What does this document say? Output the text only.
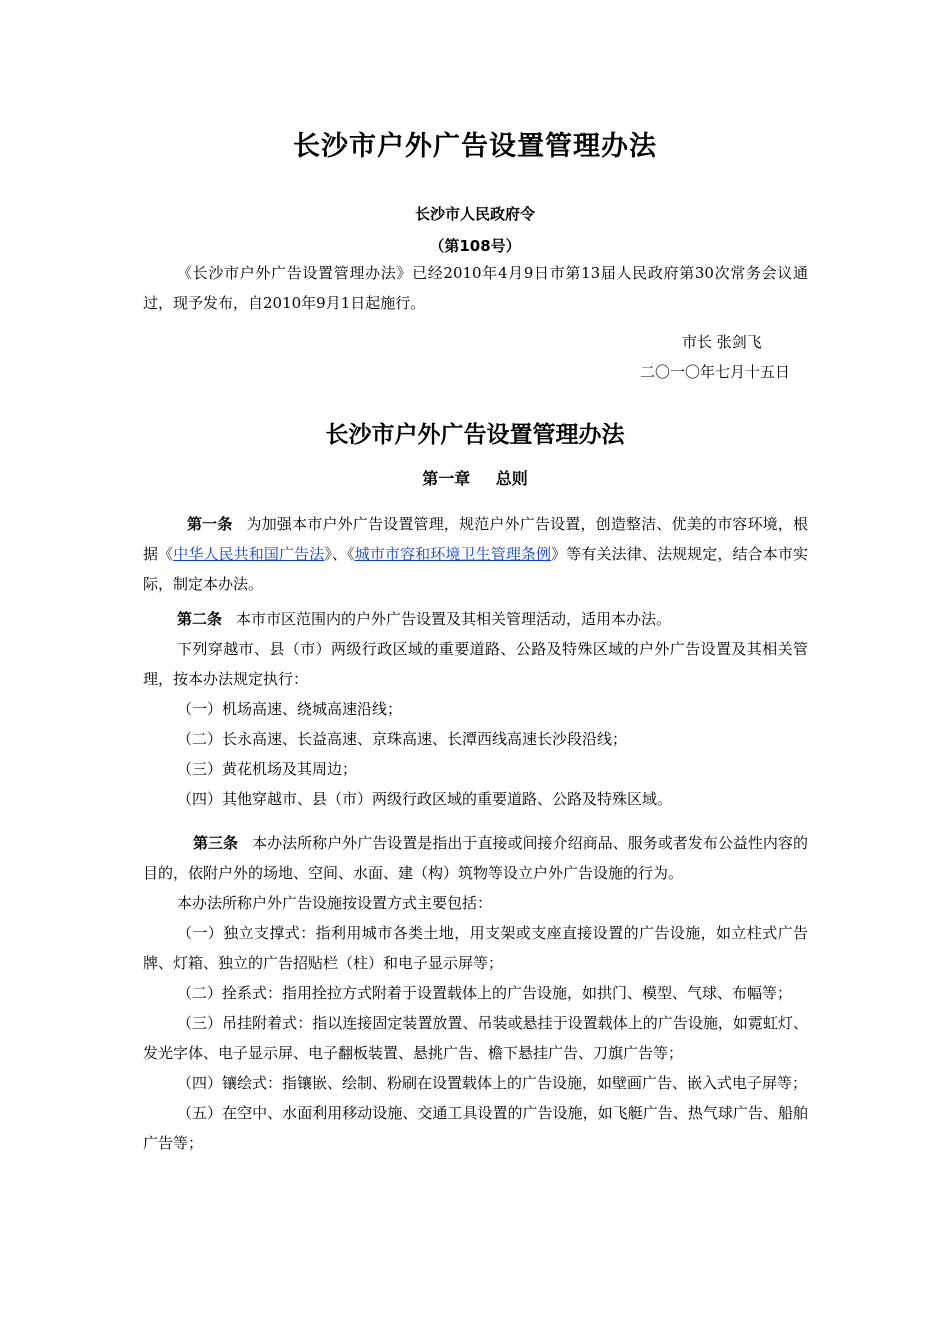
长沙市户外广告设置管理办法
长沙市人民政府令
（第108号）

《长沙市户外广告设置管理办法》已经2010年4月9日市第13届人民政府第30次常务会议通过，现予发布，自2010年9月1日起施行。

市长 张剑飞
二〇一〇年七月十五日
长沙市户外广告设置管理办法
第一章 总则

第一条 为加强本市户外广告设置管理，规范户外广告设置，创造整洁、优美的市容环境，根据《中华人民共和国广告法》、《城市市容和环境卫生管理条例》等有关法律、法规规定，结合本市实际，制定本办法。

第二条 本市市区范围内的户外广告设置及其相关管理活动，适用本办法。

下列穿越市、县（市）两级行政区域的重要道路、公路及特殊区域的户外广告设置及其相关管理，按本办法规定执行：

（一）机场高速、绕城高速沿线；

（二）长永高速、长益高速、京珠高速、长潭西线高速长沙段沿线；

（三）黄花机场及其周边；

（四）其他穿越市、县（市）两级行政区域的重要道路、公路及特殊区域。

第三条 本办法所称户外广告设置是指出于直接或间接介绍商品、服务或者发布公益性内容的目的，依附户外的场地、空间、水面、建（构）筑物等设立户外广告设施的行为。

本办法所称户外广告设施按设置方式主要包括：

（一）独立支撑式：指利用城市各类土地，用支架或支座直接设置的广告设施，如立柱式广告牌、灯箱、独立的广告招贴栏（柱）和电子显示屏等；

（二）拴系式：指用拴拉方式附着于设置载体上的广告设施，如拱门、模型、气球、布幅等；

（三）吊挂附着式：指以连接固定装置放置、吊装或悬挂于设置载体上的广告设施，如霓虹灯、发光字体、电子显示屏、电子翻板装置、悬挑广告、檐下悬挂广告、刀旗广告等；

（四）镶绘式：指镶嵌、绘制、粉刷在设置载体上的广告设施，如壁画广告、嵌入式电子屏等；

（五）在空中、水面利用移动设施、交通工具设置的广告设施，如飞艇广告、热气球广告、船舶广告等；
